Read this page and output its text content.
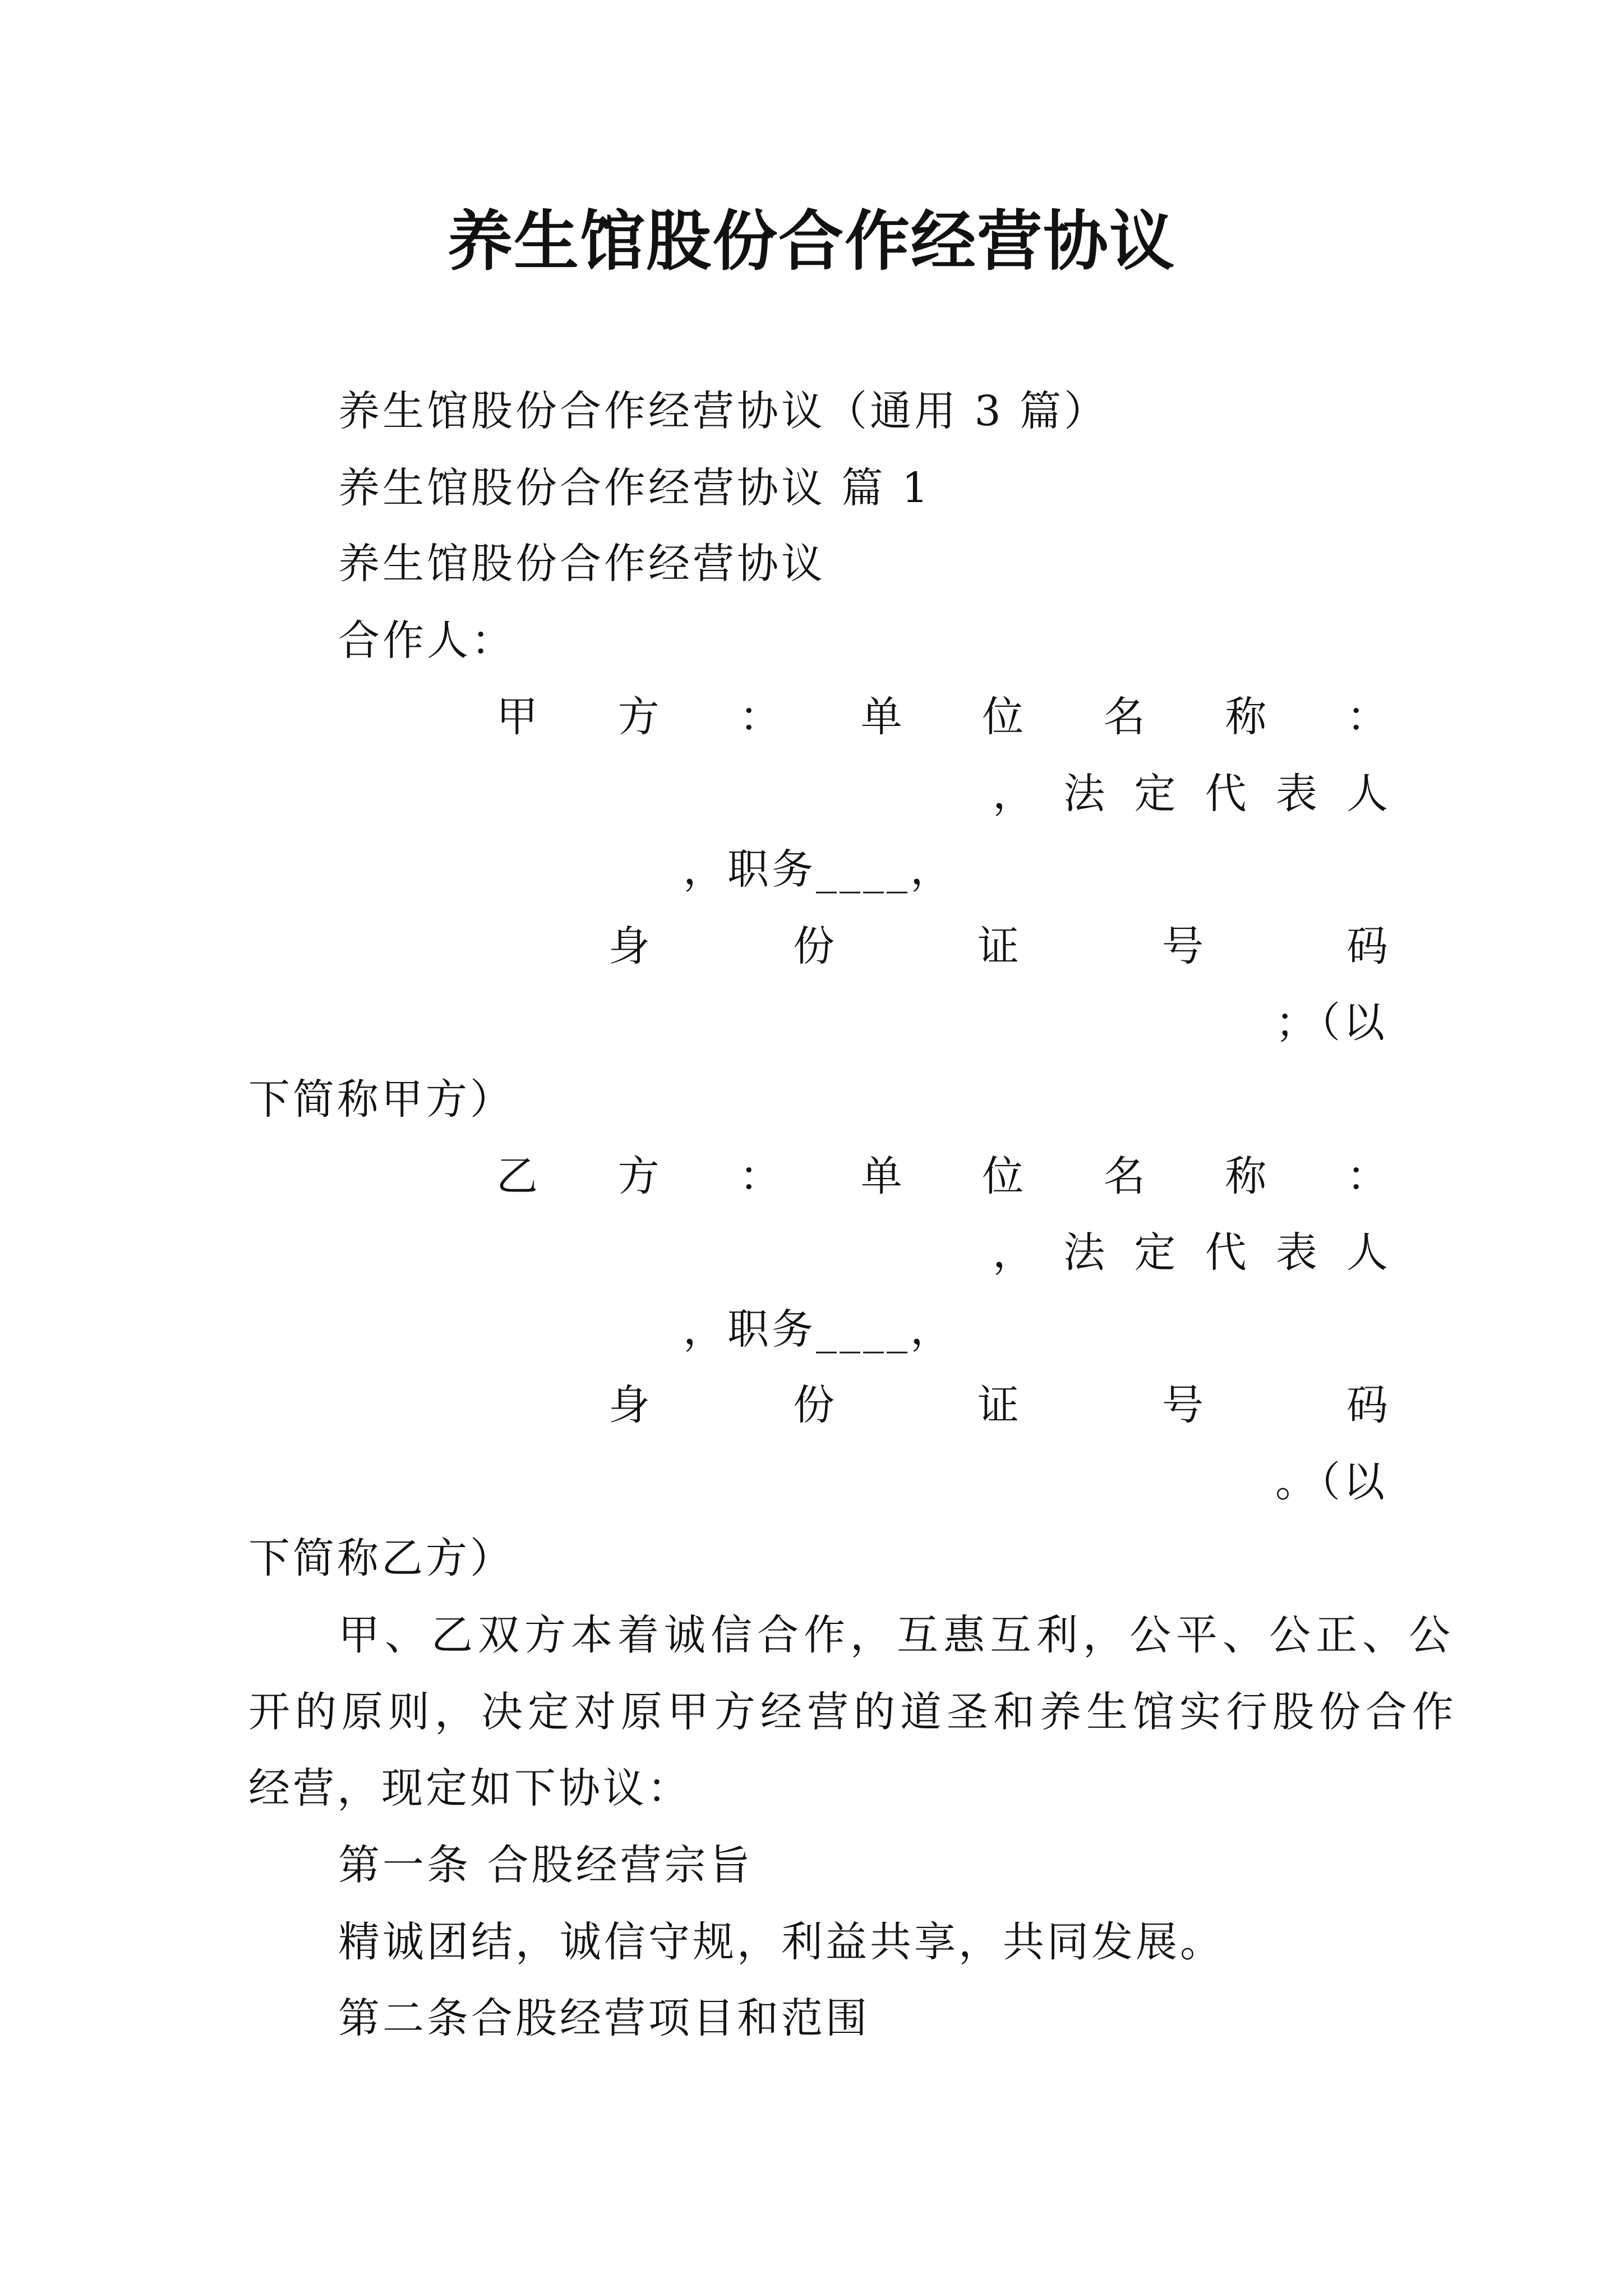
养生馆股份合作经营协议
养生馆股份合作经营协议（通用 3 篇）
养生馆股份合作经营协议 篇 1
养生馆股份合作经营协议
合作人：
甲 方 ： 单 位 名 称 ：
， 法 定 代 表 人
，职务____，
身	份	证	号	码
；（以
下简称甲方）
乙 方 ： 单 位 名 称 ：
， 法 定 代 表 人
，职务____，
身	份	证	号	码
。（以
下简称乙方）
甲、乙双方本着诚信合作，互惠互利，公平、公正、公
开的原则，决定对原甲方经营的道圣和养生馆实行股份合作
经营，现定如下协议：
第一条 合股经营宗旨
精诚团结，诚信守规，利益共享，共同发展。
第二条合股经营项目和范围
